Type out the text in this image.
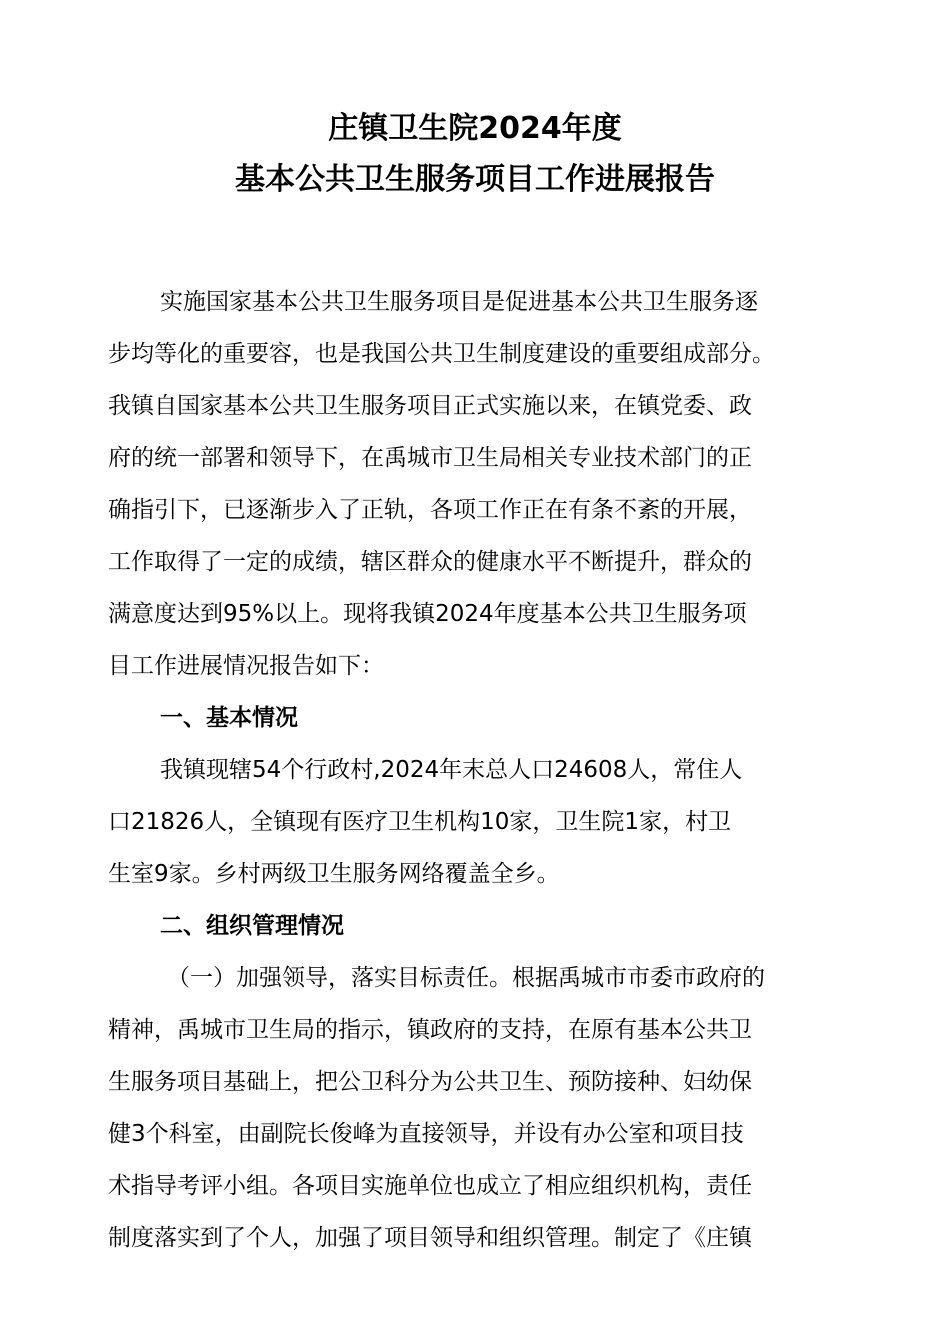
庄镇卫生院2024年度
基本公共卫生服务项目工作进展报告
实施国家基本公共卫生服务项目是促进基本公共卫生服务逐
步均等化的重要容，也是我国公共卫生制度建设的重要组成部分。
我镇自国家基本公共卫生服务项目正式实施以来，在镇党委、政
府的统一部署和领导下，在禹城市卫生局相关专业技术部门的正
确指引下，已逐渐步入了正轨，各项工作正在有条不紊的开展，
工作取得了一定的成绩，辖区群众的健康水平不断提升，群众的
满意度达到95%以上。现将我镇2024年度基本公共卫生服务项
目工作进展情况报告如下：
一、基本情况
我镇现辖54个行政村,2024年末总人口24608人，常住人
口21826人，全镇现有医疗卫生机构10家，卫生院1家，村卫
生室9家。乡村两级卫生服务网络覆盖全乡。
二、组织管理情况
（一）加强领导，落实目标责任。根据禹城市市委市政府的
精神，禹城市卫生局的指示，镇政府的支持，在原有基本公共卫
生服务项目基础上，把公卫科分为公共卫生、预防接种、妇幼保
健3个科室，由副院长俊峰为直接领导，并设有办公室和项目技
术指导考评小组。各项目实施单位也成立了相应组织机构，责任
制度落实到了个人，加强了项目领导和组织管理。制定了《庄镇
